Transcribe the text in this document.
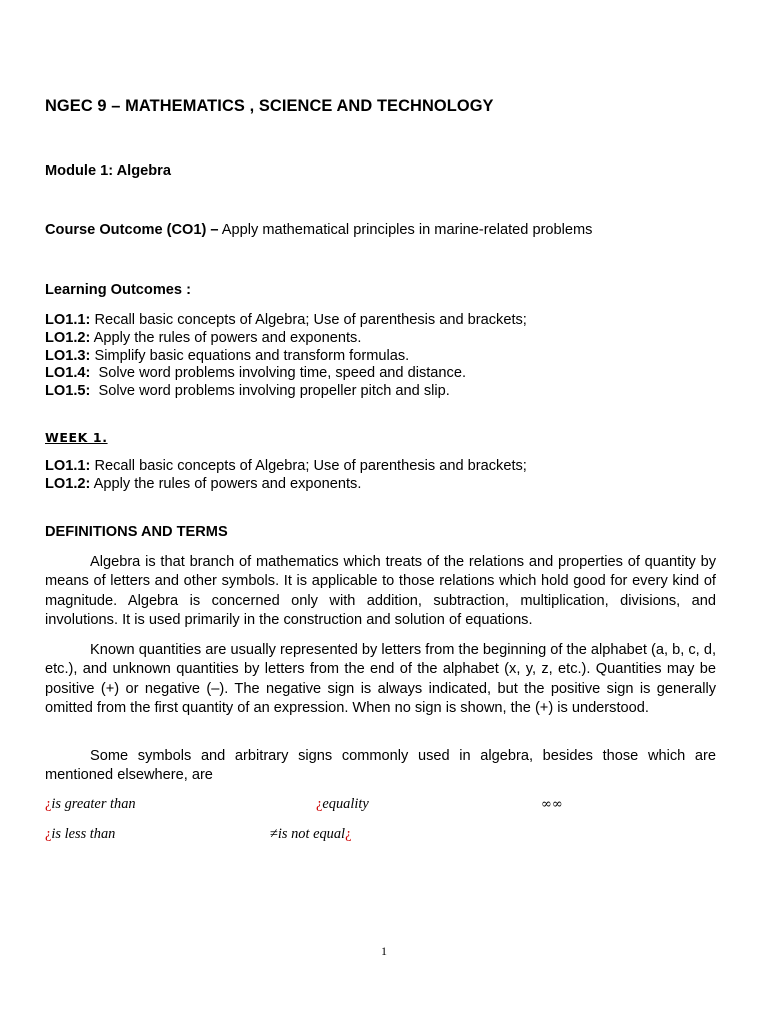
NGEC 9 – MATHEMATICS , SCIENCE AND TECHNOLOGY
Module 1: Algebra
Course Outcome (CO1) – Apply mathematical principles in marine-related problems
Learning Outcomes :
LO1.1: Recall basic concepts of Algebra; Use of parenthesis and brackets;
LO1.2: Apply the rules of powers and exponents.
LO1.3: Simplify basic equations and transform formulas.
LO1.4:  Solve word problems involving time, speed and distance.
LO1.5:  Solve word problems involving propeller pitch and slip.
WEEK 1.
LO1.1: Recall basic concepts of Algebra; Use of parenthesis and brackets;
LO1.2: Apply the rules of powers and exponents.
DEFINITIONS AND TERMS
Algebra is that branch of mathematics which treats of the relations and properties of quantity by means of letters and other symbols. It is applicable to those relations which hold good for every kind of magnitude. Algebra is concerned only with addition, subtraction, multiplication, divisions, and involutions. It is used primarily in the construction and solution of equations.
Known quantities are usually represented by letters from the beginning of the alphabet (a, b, c, d, etc.), and unknown quantities by letters from the end of the alphabet (x, y, z, etc.). Quantities may be positive (+) or negative (–). The negative sign is always indicated, but the positive sign is generally omitted from the first quantity of an expression. When no sign is shown, the (+) is understood.
Some symbols and arbitrary signs commonly used in algebra, besides those which are mentioned elsewhere, are
¿is greater than	¿equality	∞∞
¿is less than	≠is not equal¿
1
